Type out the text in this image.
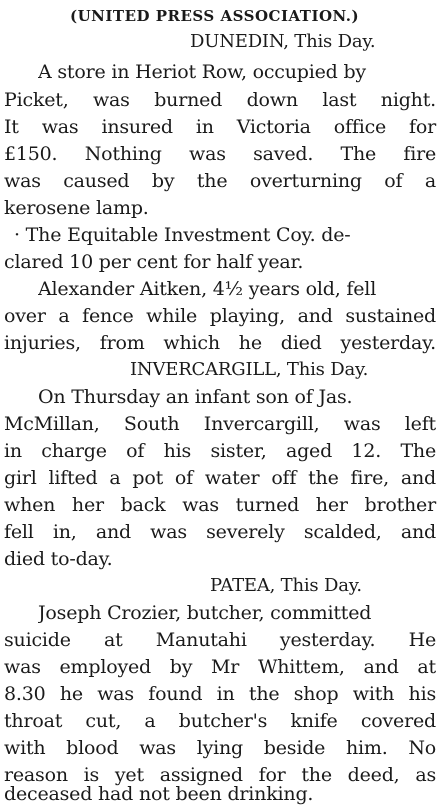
(UNITED PRESS ASSOCIATION.)
DUNEDIN, This Day.
A store in Heriot Row, occupied by
Picket, was burned down last night.
It was insured in Victoria office for
£150. Nothing was saved. The fire
was caused by the overturning of a
kerosene lamp.
· The Equitable Investment Coy. de-
clared 10 per cent for half year.
Alexander Aitken, 4½ years old, fell
over a fence while playing, and sustained
injuries, from which he died yesterday.
INVERCARGILL, This Day.
On Thursday an infant son of Jas.
McMillan, South Invercargill, was left
in charge of his sister, aged 12. The
girl lifted a pot of water off the fire, and
when her back was turned her brother
fell in, and was severely scalded, and
died to-day.
PATEA, This Day.
Joseph Crozier, butcher, committed
suicide at Manutahi yesterday. He
was employed by Mr Whittem, and at
8.30 he was found in the shop with his
throat cut, a butcher's knife covered
with blood was lying beside him. No
reason is yet assigned for the deed, as
deceased had not been drinking.
